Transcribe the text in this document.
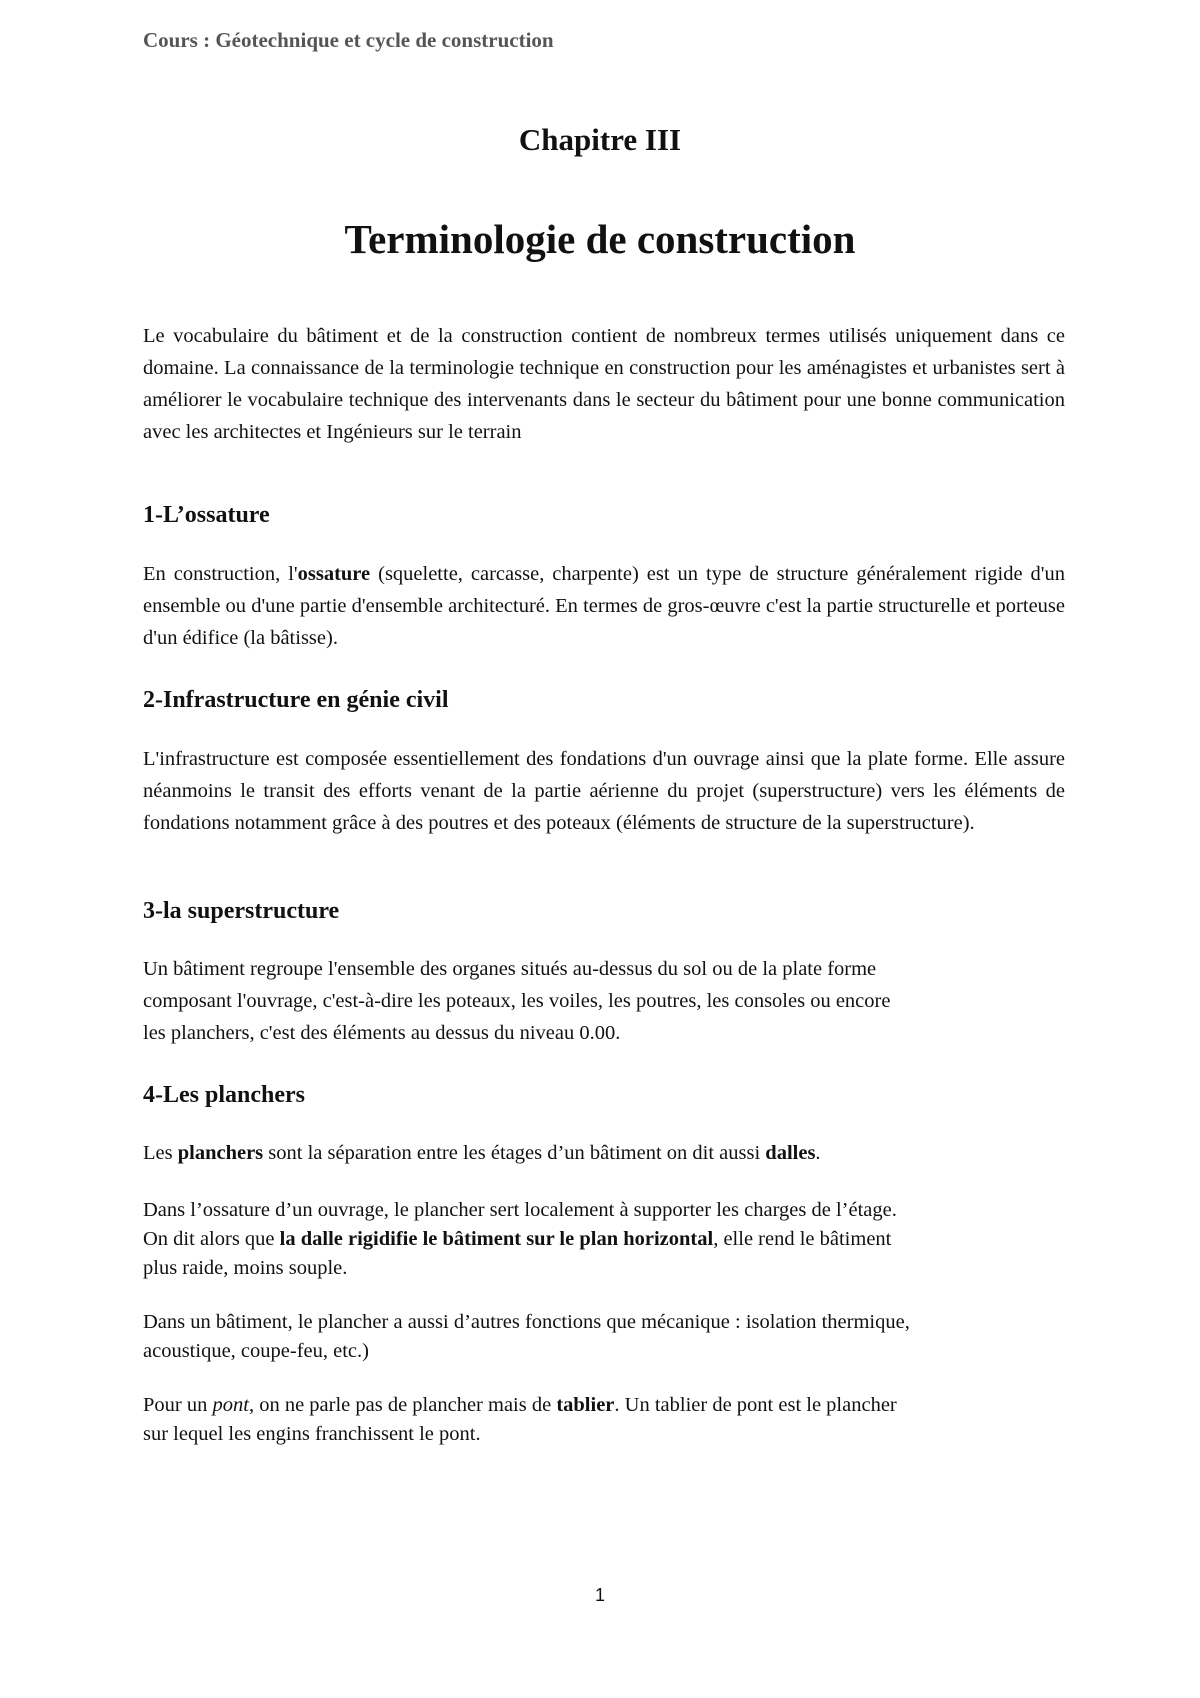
Cours : Géotechnique et cycle de construction
Chapitre III
Terminologie de construction

Le vocabulaire du bâtiment et de la construction contient de nombreux termes utilisés uniquement dans ce domaine. La connaissance de la terminologie technique en construction pour les aménagistes et urbanistes sert à améliorer le vocabulaire technique des intervenants dans le secteur du bâtiment pour une bonne communication avec les architectes et Ingénieurs sur le terrain

1-L’ossature

En construction, l'ossature (squelette, carcasse, charpente) est un type de structure généralement rigide d'un ensemble ou d'une partie d'ensemble architecturé. En termes de gros-œuvre c'est la partie structurelle et porteuse d'un édifice (la bâtisse).

2-Infrastructure en génie civil

L'infrastructure est composée essentiellement des fondations d'un ouvrage ainsi que la plate forme. Elle assure néanmoins le transit des efforts venant de la partie aérienne du projet (superstructure) vers les éléments de fondations notamment grâce à des poutres et des poteaux (éléments de structure de la superstructure).

3-la superstructure
Un bâtiment regroupe l'ensemble des organes situés au-dessus du sol ou de la plate forme
composant l'ouvrage, c'est-à-dire les poteaux, les voiles, les poutres, les consoles ou encore
les planchers, c'est des éléments au dessus du niveau 0.00.
4-Les planchers

Les planchers sont la séparation entre les étages d’un bâtiment on dit aussi dalles.

Dans l’ossature d’un ouvrage, le plancher sert localement à supporter les charges de l’étage.
On dit alors que la dalle rigidifie le bâtiment sur le plan horizontal, elle rend le bâtiment
plus raide, moins souple.
Dans un bâtiment, le plancher a aussi d’autres fonctions que mécanique : isolation thermique,
acoustique, coupe-feu, etc.)
Pour un pont, on ne parle pas de plancher mais de tablier. Un tablier de pont est le plancher
sur lequel les engins franchissent le pont.
1
